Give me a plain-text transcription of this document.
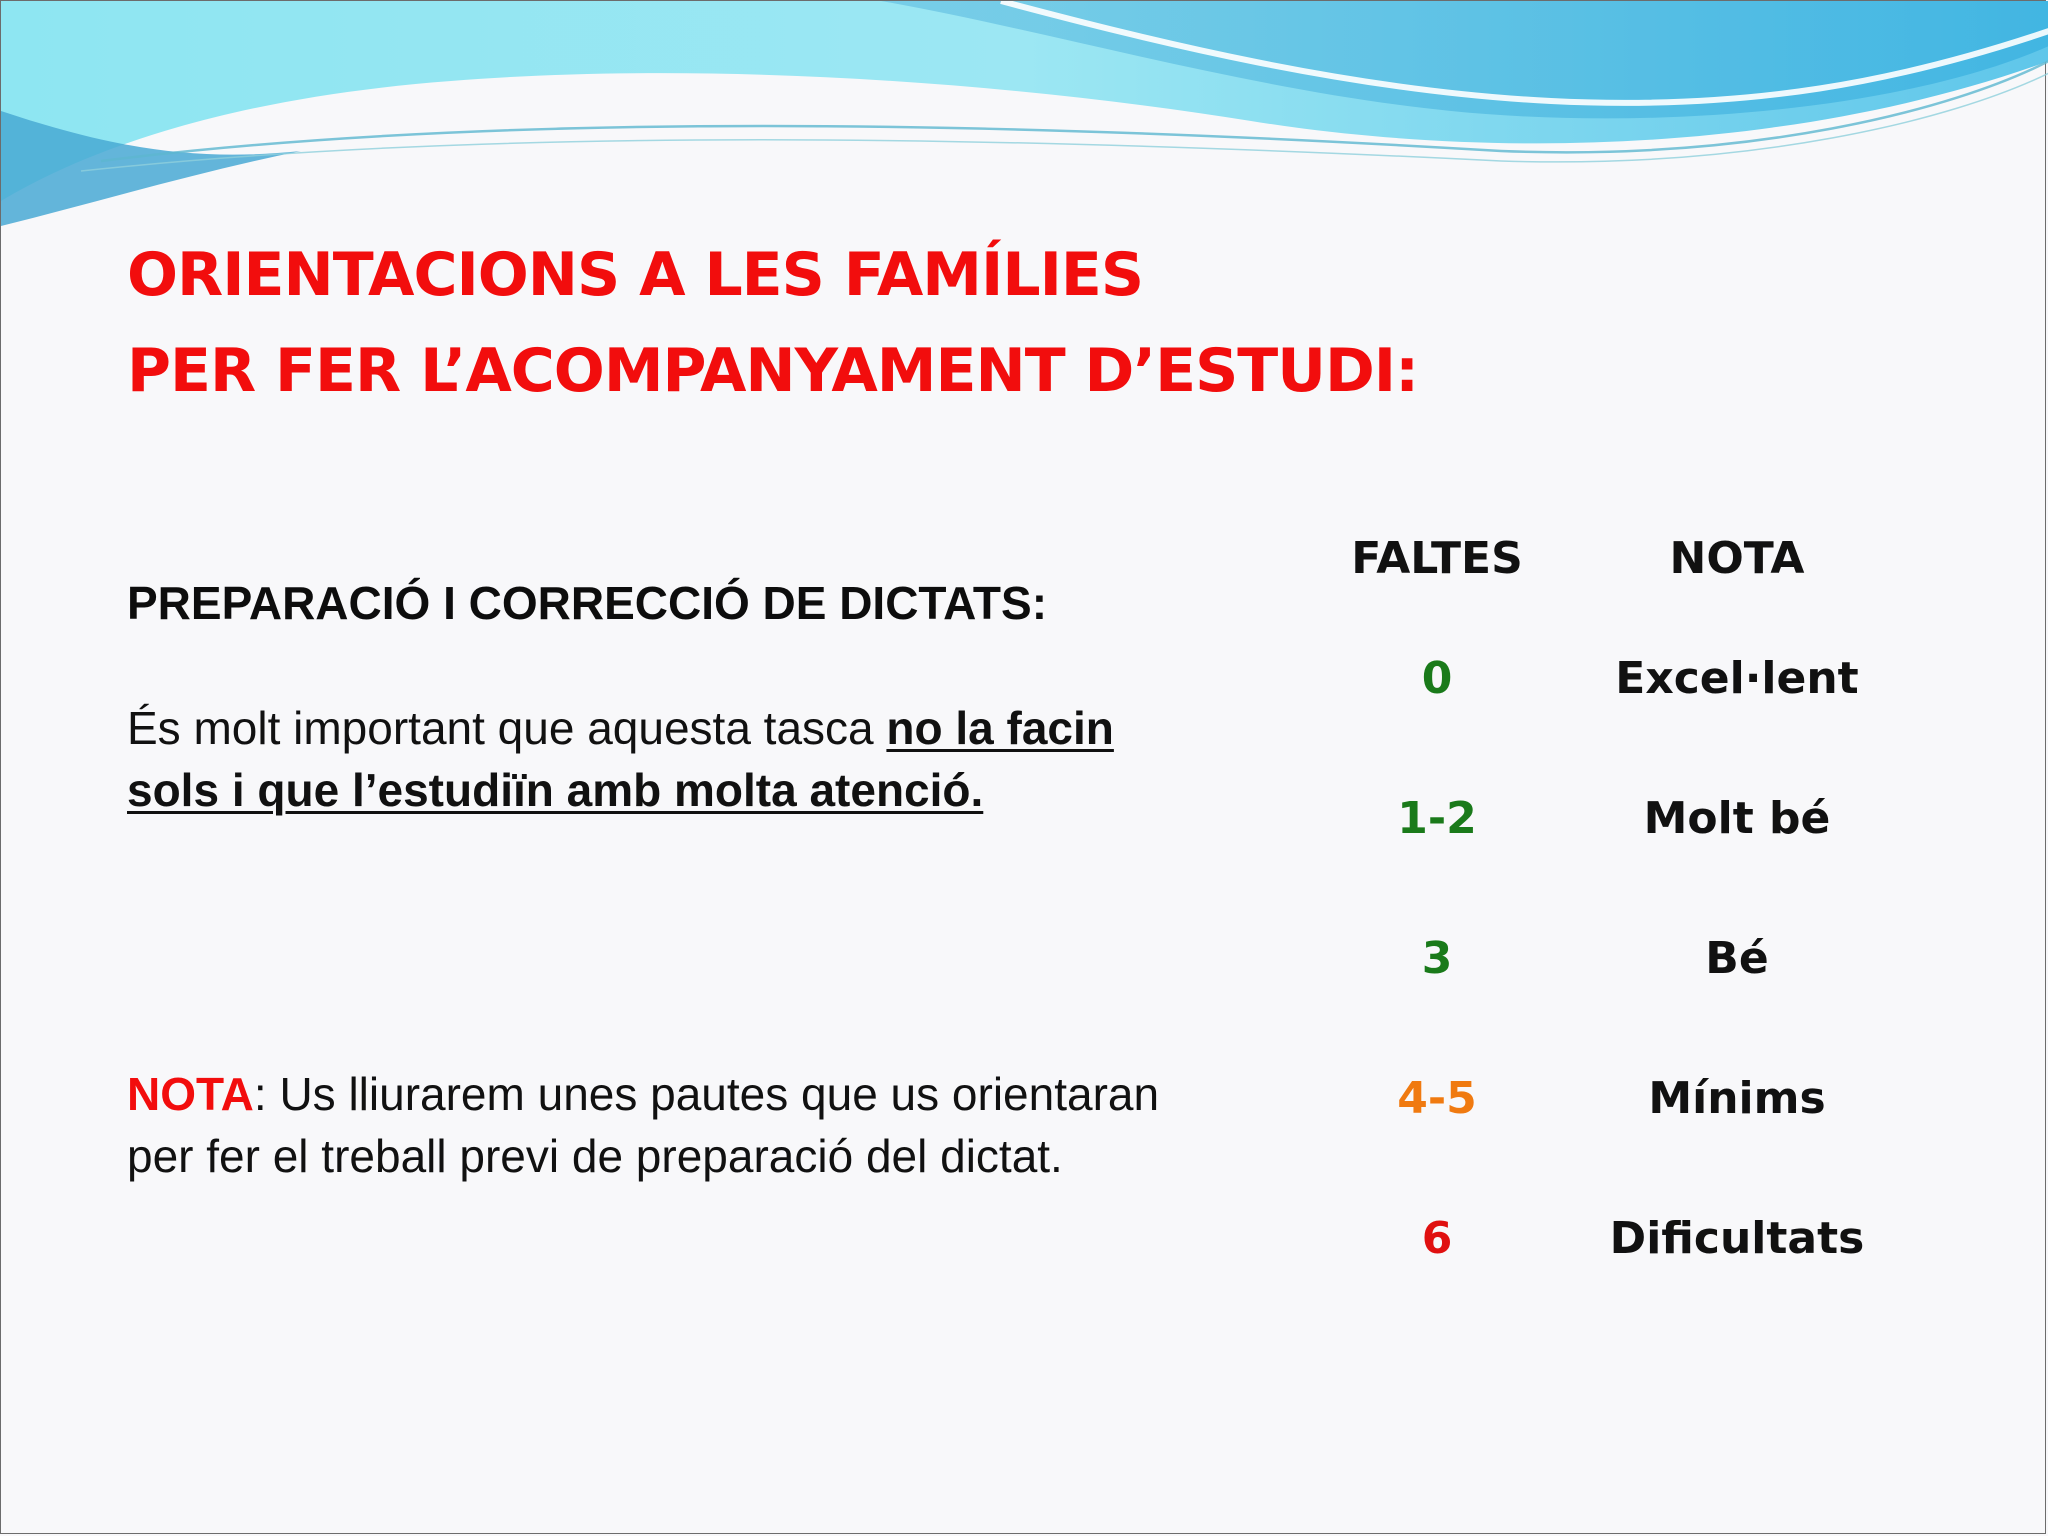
ORIENTACIONS A LES FAMÍLIES
PER FER L’ACOMPANYAMENT D’ESTUDI:
PREPARACIÓ I CORRECCIÓ DE DICTATS:

És molt important que aquesta tasca no la facin sols i que l’estudiïn amb molta atenció.

NOTA: Us lliurarem unes pautes que us orientaran per fer el treball previ de preparació del dictat.

FALTES	NOTA
0	Excel·lent
1-2	Molt bé
3	Bé
4-5	Mínims
6	Dificultats
